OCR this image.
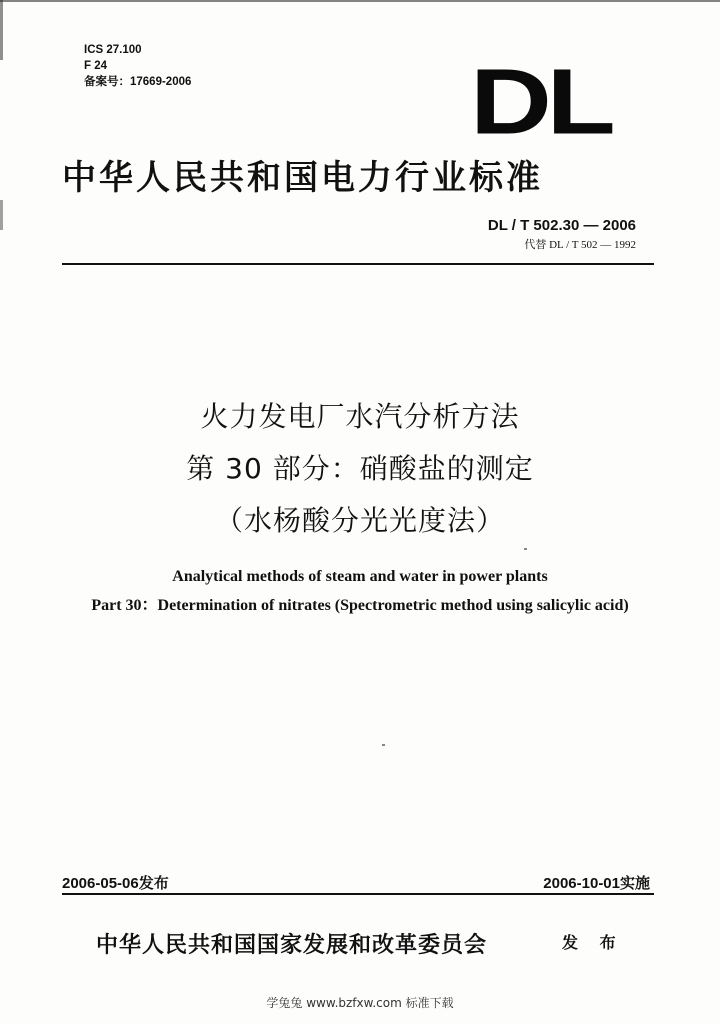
ICS 27.100
F 24
备案号：17669-2006	DL
中华人民共和国电力行业标准
DL / T 502.30 — 2006
代替 DL / T 502 — 1992
火力发电厂水汽分析方法
第 30 部分：硝酸盐的测定
（水杨酸分光光度法）
Analytical methods of steam and water in power plants
Part 30：Determination of nitrates (Spectrometric method using salicylic acid)
2006-05-06发布	2006-10-01实施
中华人民共和国国家发展和改革委员会	发 布
学兔兔 www.bzfxw.com 标准下载
